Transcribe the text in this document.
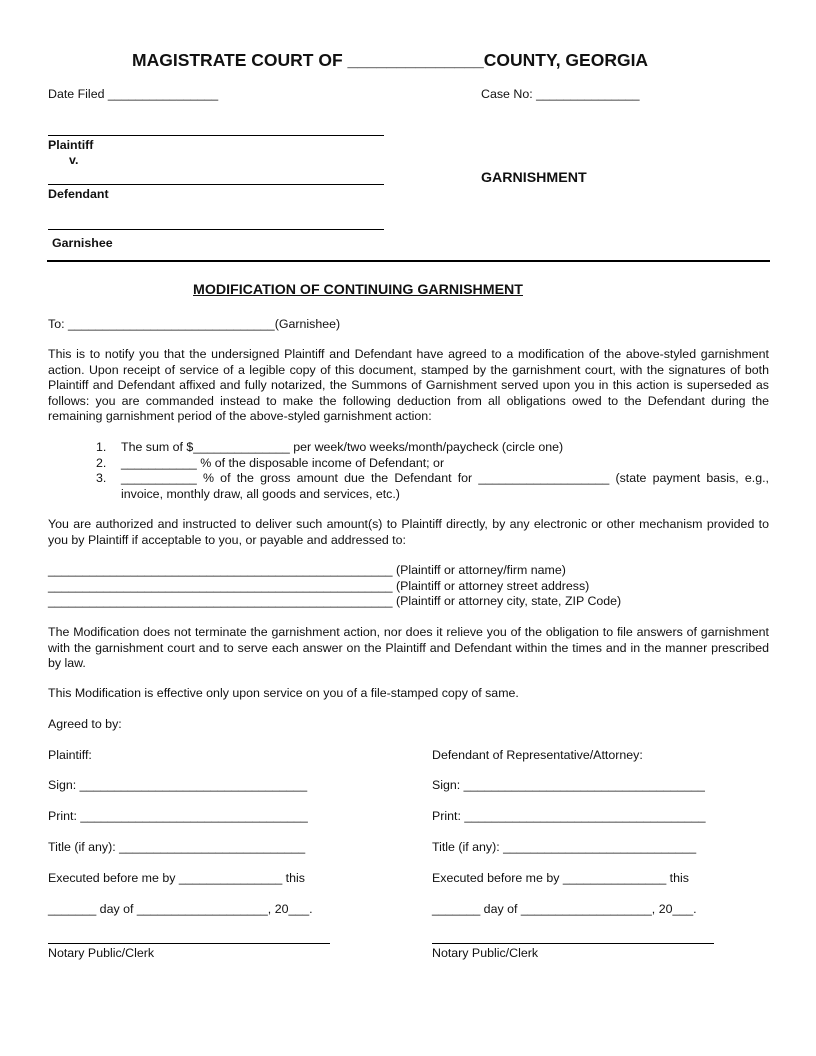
MAGISTRATE COURT OF ______________COUNTY, GEORGIA
Date Filed ________________	Case No: _______________
Plaintiff
v.
Defendant
GARNISHMENT
Garnishee
MODIFICATION OF CONTINUING GARNISHMENT
To: ______________________________(Garnishee)
This is to notify you that the undersigned Plaintiff and Defendant have agreed to a modification of the above-styled garnishment action. Upon receipt of service of a legible copy of this document, stamped by the garnishment court, with the signatures of both Plaintiff and Defendant affixed and fully notarized, the Summons of Garnishment served upon you in this action is superseded as follows: you are commanded instead to make the following deduction from all obligations owed to the Defendant during the remaining garnishment period of the above-styled garnishment action:
1. The sum of $______________ per week/two weeks/month/paycheck (circle one)
2. ___________ % of the disposable income of Defendant; or
3. ___________ % of the gross amount due the Defendant for ___________________ (state payment basis, e.g., invoice, monthly draw, all goods and services, etc.)
You are authorized and instructed to deliver such amount(s) to Plaintiff directly, by any electronic or other mechanism provided to you by Plaintiff if acceptable to you, or payable and addressed to:
__________________________________________________ (Plaintiff or attorney/firm name)
__________________________________________________ (Plaintiff or attorney street address)
__________________________________________________ (Plaintiff or attorney city, state, ZIP Code)
The Modification does not terminate the garnishment action, nor does it relieve you of the obligation to file answers of garnishment with the garnishment court and to serve each answer on the Plaintiff and Defendant within the times and in the manner prescribed by law.
This Modification is effective only upon service on you of a file-stamped copy of same.
Agreed to by:
Plaintiff:
Sign: _________________________________
Print: _________________________________
Title (if any): ___________________________
Executed before me by _______________ this
_______ day of ___________________, 20___.
Notary Public/Clerk
Defendant of Representative/Attorney:
Sign: ___________________________________
Print: ___________________________________
Title (if any): ____________________________
Executed before me by _______________ this
_______ day of ___________________, 20___.
Notary Public/Clerk
